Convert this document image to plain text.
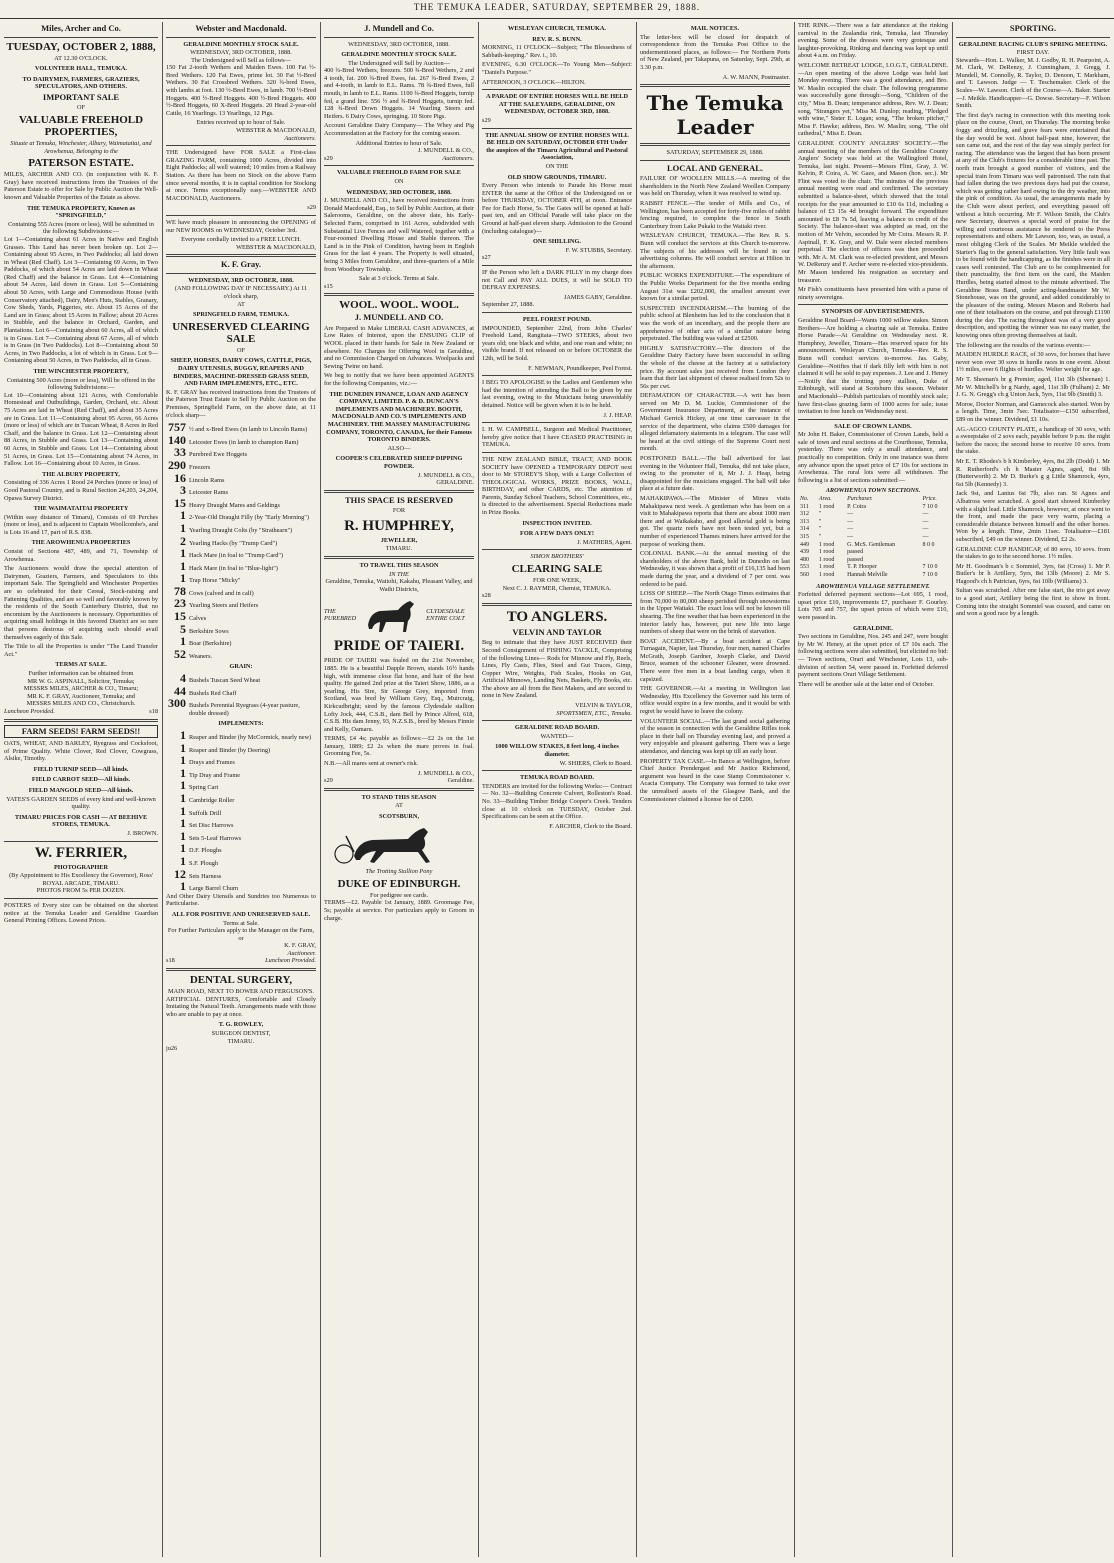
THE TEMUKA LEADER, SATURDAY, SEPTEMBER 29, 1888.
Miles, Archer and Co.
TUESDAY, OCTOBER 2, 1888,
AT 12.30 O'CLOCK.
VOLUNTEER HALL, TEMUKA.
TO DAIRYMEN, FARMERS, GRAZIERS, SPECULATORS, AND OTHERS.
IMPORTANT SALE
OF
VALUABLE FREEHOLD PROPERTIES,
Situate at Temuka, Winchester, Albury, Waimataitai, and Arowhenua, Belonging to the
PATERSON ESTATE.

MILES, ARCHER AND CO. (in conjunction with K. F. Gray) have received instructions from the Trustees of the Paterson Estate to offer for Sale by Public Auction the Well-known and Valuable Properties of the Estate as above.

THE TEMUKA PROPERTY, Known as "SPRINGFIELD,"
Containing 555 Acres (more or less), Will be submitted in the following Subdivisions:—

Lot 1—Containing about 61 Acres in Native and English Grasses. This Land has never been broken up. Lot 2—Containing about 95 Acres, in Two Paddocks; all laid down in Wheat (Red Chaff). Lot 3—Containing 69 Acres, in Two Paddocks, of which about 54 Acres are laid down in Wheat (Red Chaff) and the balance in Grass. Lot 4—Containing about 54 Acres, laid down in Grass. Lot 5—Containing about 50 Acres, with Large and Commodious House (with Conservatory attached), Dairy, Men's Huts, Stables, Granary, Cow Sheds, Yards, Piggeries, etc. About 15 Acres of the Land are in Grass; about 15 Acres in Fallow; about 20 Acres in Stubble, and the balance in Orchard, Garden, and Plantations. Lot 6—Containing about 60 Acres, all of which is in Grass. Lot 7—Containing about 67 Acres, all of which is in Grass (in Two Paddocks). Lot 8—Containing about 50 Acres, in Two Paddocks, a lot of which is in Grass. Lot 9—Containing about 50 Acres, in Two Paddocks, all in Grass.

THE WINCHESTER PROPERTY,
Containing 500 Acres (more or less), Will be offered in the following Subdivisions:—

Lot 10—Containing about 121 Acres, with Comfortable Homestead and Outbuildings, Garden, Orchard, etc. About 75 Acres are laid in Wheat (Red Chaff), and about 35 Acres are in Grass. Lot 11—Containing about 95 Acres, 66 Acres (more or less) of which are in Tuscan Wheat, 8 Acres in Red Chaff, and the balance in Grass. Lot 12—Containing about 88 Acres, in Stubble and Grass. Lot 13—Containing about 60 Acres, in Stubble and Grass. Lot 14—Containing about 51 Acres, in Grass. Lot 15—Containing about 74 Acres, in Fallow. Lot 16—Containing about 10 Acres, in Grass.

THE ALBURY PROPERTY,

Consisting of 336 Acres 1 Rood 24 Perches (more or less) of Good Pastoral Country, and is Rural Section 24,203, 24,204, Opawa Survey District.

THE WAIMATAITAI PROPERTY

(Within easy distance of Timaru), Consists of 69 Perches (more or less), and is adjacent to Captain Woollcombe's, and is Lots 16 and 17, part of R.S. 838.

THE AROWHENUA PROPERTIES

Consist of Sections 487, 489, and 71, Township of Arowhenua.

The Auctioneers would draw the special attention of Dairymen, Graziers, Farmers, and Speculators to this important Sale. The Springfield and Winchester Properties are so celebrated for their Cereal, Stock-raising and Fattening Qualities, and are so well and favorably known by the residents of the South Canterbury District, that no encomium by the Auctioneers is necessary. Opportunities of acquiring small holdings in this favored District are so rare that persons desirous of acquiring such should avail themselves eagerly of this Sale.

The Title to all the Properties is under "The Land Transfer Act."

TERMS AT SALE.
Further information can be obtained from
MR W. G. ASPINALL, Solicitor, Temuka;
MESSRS MILES, ARCHER & CO., Timaru;
MR K. F. GRAY, Auctioneer, Temuka; and
MESSRS MILES AND CO., Christchurch.
Luncheon Provided.	s18
FARM SEEDS! FARM SEEDS!!

OATS, WHEAT, AND BARLEY, Ryegrass and Cocksfoot, of Prime Quality. White Clover, Red Clover, Cowgrass, Alsike, Timothy.

FIELD TURNIP SEED—All kinds.
FIELD CARROT SEED—All kinds.
FIELD MANGOLD SEED—All kinds.
YATES'S GARDEN SEEDS of every kind and well-known quality.
TIMARU PRICES FOR CASH — AT BEEHIVE STORES, TEMUKA.
J. BROWN.
W. FERRIER,
PHOTOGRAPHER
(By Appointment to His Excellency the Governor), Ross' ROYAL ARCADE, TIMARU.
PHOTOS FROM 5s PER DOZEN.

POSTERS of Every size can be obtained on the shortest notice at the Temuka Leader and Geraldine Guardian General Printing Offices. Lowest Prices.

Webster and Macdonald.
GERALDINE MONTHLY STOCK SALE.
WEDNESDAY, 3RD OCTOBER, 1888.
The Undersigned will Sell as follows—

150 Fat 2-tooth Wethers and Maiden Ewes. 100 Fat ½-Bred Wethers. 120 Fat Ewes, prime lot. 30 Fat ½-Bred Wethers. 30 Fat Crossbred Wethers. 320 ¾-bred Ewes, with lambs at foot. 130 ½-Bred Ewes, in lamb. 700 ½-Bred Hoggets. 400 ½-Bred Hoggets. 400 ½-Bred Hoggets. 400 ½-Bred Hoggets, 60 X-Bred Hoggets. 20 Head 2-year-old Cattle, 16 Yearlings. 13 Yearlings, 12 Pigs.

Entries received up to hour of Sale.
WEBSTER & MACDONALD,
Auctioneers.

THE Undersigned have FOR SALE a First-class GRAZING FARM, containing 1000 Acres, divided into Eight Paddocks; all well watered; 10 miles from a Railway Station. As there has been no Stock on the above Farm since several months, it is in capital condition for Stocking at once. Terms exceptionally easy.—WEBSTER AND MACDONALD, Auctioneers.

s29

WE have much pleasure in announcing the OPENING of our NEW ROOMS on WEDNESDAY, October 3rd.

Everyone cordially invited to a FREE LUNCH.
WEBSTER & MACDONALD,
K. F. Gray.
WEDNESDAY, 3RD OCTOBER, 1888.
(AND FOLLOWING DAY IF NECESSARY.) At 11 o'clock sharp,
AT
SPRINGFIELD FARM, TEMUKA.
UNRESERVED CLEARING SALE
OF
SHEEP, HORSES, DAIRY COWS, CATTLE, PIGS, DAIRY UTENSILS, BUGGY, REAPERS AND BINDERS, MACHINE-DRESSED GRASS SEED, AND FARM IMPLEMENTS, ETC., ETC.

K. F. GRAY has received instructions from the Trustees of the Paterson Trust Estate to Sell by Public Auction on the Premises, Springfield Farm, on the above date, at 11 o'clock sharp—

757 ½ and x-Bred Ewes (in lamb to Lincoln Rams)
140 Leicester Ewes (in lamb to champion Ram)
33 Purebred Ewe Hoggets
290 Freezers
16 Lincoln Rams
3 Leicester Rams
15 Heavy Draught Mares and Geldings
1 2-Year-Old Draught Filly (by "Early Morning")
1 Yearling Draught Colts (by "Strathearn")
2 Yearling Hacks (by "Trump Card")
1 Hack Mare (in foal to "Trump Card")
1 Hack Mare (in foal to "Blue-light")
1 Trap Horse "Micky"
78 Cows (calved and in calf)
23 Yearling Steers and Heifers
15 Calves
5 Berkshire Sows
1 Boar (Berkshire)
52 Weaners.
GRAIN:
4 Bushels Tuscan Seed Wheat
44 Bushels Red Chaff
300 Bushels Perennial Ryegrass (4-year pasture, double dressed)
IMPLEMENTS:
1 Reaper and Binder (by McCormick, nearly new)
1 Reaper and Binder (by Deering)
1 Drays and Frames
1 Tip Dray and Frame
1 Spring Cart
1 Cambridge Roller
1 Suffolk Drill
1 Set Disc Harrows
1 Sets 5-Leaf Harrows
1 D.F. Ploughs
1 S.F. Plough
12 Sets Harness
1 Large Barrel Churn

And Other Dairy Utensils and Sundries too Numerous to Particularise.

ALL FOR POSITIVE AND UNRESERVED SALE.
Terms at Sale.
For Further Particulars apply to the Manager on the Farm, or
K. F. GRAY,
Auctioneer.
s18	Luncheon Provided.
DENTAL SURGERY,
MAIN ROAD, NEXT TO BOWER AND FERGUSON'S.

ARTIFICIAL DENTURES, Comfortable and Closely Imitating the Natural Teeth. Arrangements made with those who are unable to pay at once.

T. G. ROWLEY,
SURGEON DENTIST,
TIMARU.
ju26
J. Mundell and Co.
WEDNESDAY, 3RD OCTOBER, 1888.
GERALDINE MONTHLY STOCK SALE.
The Undersigned will Sell by Auction—

400 ¾-Bred Wethers, freezers. 500 ¾-Bred Wethers, 2 and 4 tooth, fat. 200 ¾-Bred Ewes, fat. 267 ¾-Bred Ewes, 2 and 4-tooth, in lamb to E.L. Rams. 78 ¾-Bred Ewes, full mouth, in lamb to E.L. Rams. 1100 ¾-Bred Hoggets, turnip fed, a grand line. 556 ½ and ¾-Bred Hoggets, turnip fed. 128 ¾-Bred Down Hoggets. 14 Yearling Steers and Heifers. 6 Dairy Cows, springing. 10 Store Pigs.

Account Geraldine Dairy Company— The Whey and Pig Accommodation at the Factory for the coming season.

Additional Entries to hour of Sale.
J. MUNDELL & CO.,
s29	Auctioneers.
VALUABLE FREEHOLD FARM FOR SALE
ON
WEDNESDAY, 3RD OCTOBER, 1888.

J. MUNDELL AND CO., have received instructions from Donald Macdonald, Esq., to Sell by Public Auction, at their Salerooms, Geraldine, on the above date, his Early-Selected Farm, comprised in 161 Acres, subdivided with Substantial Live Fences and well Watered, together with a Four-roomed Dwelling House and Stable thereon. The Land is in the Pink of Condition, having been in English Grass for the last 4 years. The Property is well situated, being 3 Miles from Geraldine, and three-quarters of a Mile from Woodbury Township.

Sale at 3 o'clock. Terms at Sale.
s15
WOOL. WOOL. WOOL.
J. MUNDELL AND CO.

Are Prepared to Make LIBERAL CASH ADVANCES, at Low Rates of Interest, upon the ENSUING CLIP of WOOL placed in their hands for Sale in New Zealand or elsewhere. No Charges for Offering Wool in Geraldine, and no Commission Charged on Advances. Woolpacks and Sewing Twine on hand.

We beg to notify that we have been appointed AGENTS for the following Companies, viz.:—

THE DUNEDIN FINANCE, LOAN AND AGENCY COMPANY, LIMITED. P. & D. DUNCAN'S IMPLEMENTS AND MACHINERY. BOOTH, MACDONALD AND CO.'S IMPLEMENTS AND MACHINERY. THE MASSEY MANUFACTURING COMPANY, TORONTO, CANADA, for their Famous TORONTO BINDERS.
ALSO—
COOPER'S CELEBRATED SHEEP DIPPING POWDER.
J. MUNDELL & CO.,
GERALDINE.
THIS SPACE IS RESERVED
FOR
R. HUMPHREY,
JEWELLER,
TIMARU.
TO TRAVEL THIS SEASON
IN THE
Geraldine, Temuka, Waitohi, Kakahu, Pleasant Valley, and Waihi Districts,
THE PUREBRED
CLYDESDALE ENTIRE COLT
PRIDE OF TAIERI.

PRIDE OF TAIERI was foaled on the 21st November, 1885. He is a beautiful Dapple Brown, stands 16½ hands high, with immense close flat bone, and hair of the best quality. He gained 2nd prize at the Taieri Show, 1886, as a yearling. His Sire, Sir George Grey, imported from Scotland, was bred by William Grey, Esq., Muircraig, Kirkcudbright; sired by the famous Clydesdale stallion Lofty Jock, 444, C.S.B., dam Bell by Prince Alfred, 618, C.S.B. His dam Jenny, 93, N.Z.S.B., bred by Messrs Finnie and Kelly, Oamaru.

TERMS, £4 4s; payable as follows:—£2 2s on the 1st January, 1889; £2 2s when the mare proves in foal. Grooming Fee, 5s.

N.B.—All mares sent at owner's risk.

J. MUNDELL & CO.,
s29	Geraldine.
TO STAND THIS SEASON
AT
SCOTSBURN,
The Trotting Stallion Pony
DUKE OF EDINBURGH.
For pedigree see cards.

TERMS—£2. Payable 1st January, 1889. Groomage Fee, 5s; payable at service. For particulars apply to Groom in charge.

WESLEYAN CHURCH, TEMUKA.
REV. R. S. BUNN.

MORNING, 11 O'CLOCK—Subject; "The Blessedness of Sabbath-keeping." Rev. i., 10.

EVENING, 6.30 O'CLOCK—To Young Men—Subject: "Daniel's Purpose."

AFTERNOON, 3 O'CLOCK—HILTON.

A PARADE OF ENTIRE HORSES WILL BE HELD AT THE SALEYARDS, GERALDINE, ON WEDNESDAY, OCTOBER 3RD, 1888.
s29
THE ANNUAL SHOW OF ENTIRE HORSES WILL BE HELD ON SATURDAY, OCTOBER 6TH Under the auspices of the Timaru Agricultural and Pastoral Association,
ON THE
OLD SHOW GROUNDS, TIMARU.

Every Person who intends to Parade his Horse must ENTER the same at the Office of the Undersigned on or before THURSDAY, OCTOBER 4TH, at noon. Entrance Fee for Each Horse, 5s. The Gates will be opened at half-past ten, and an Official Parade will take place on the Ground at half-past eleven sharp. Admission to the Ground (including catalogue)—

ONE SHILLING.
F. W. STUBBS, Secretary.
s27

IF the Person who left a DARK FILLY in my charge does not Call and PAY ALL DUES, it will be SOLD TO DEFRAY EXPENSES.

JAMES GABY, Geraldine.
September 27, 1888.
PEEL FOREST POUND.

IMPOUNDED, September 22nd, from John Charles' Freehold Land, Rangitata—TWO STEERS, about two years old; one black and white, and one roan and white; no visible brand. If not released on or before OCTOBER the 12th, will be Sold.

F. NEWMAN, Poundkeeper, Peel Forest.

I BEG TO APOLOGISE to the Ladies and Gentlemen who had the intention of attending the Ball to be given by me last evening, owing to the Musicians being unavoidably detained. Notice will be given when it is to be held.

J. J. HEAP.

I. H. W. CAMPBELL, Surgeon and Medical Practitioner, hereby give notice that I have CEASED PRACTISING in TEMUKA.

THE NEW ZEALAND BIBLE, TRACT, AND BOOK SOCIETY have OPENED a TEMPORARY DEPOT next door to Mr STOREY'S Shop, with a Large Collection of THEOLOGICAL WORKS, PRIZE BOOKS, WALL, BIRTHDAY, and other CARDS, etc. The attention of Parents, Sunday School Teachers, School Committees, etc., is directed to the advertisement. Special Reductions made in Prize Books.

INSPECTION INVITED.
FOR A FEW DAYS ONLY!
J. MATHERS, Agent.
SIMON BROTHERS'
CLEARING SALE
FOR ONE WEEK,
Next C. J. RAYMER, Chemist, TEMUKA.
s28
TO ANGLERS.
VELVIN AND TAYLOR

Beg to intimate that they have JUST RECEIVED their Second Consignment of FISHING TACKLE, Comprising of the following Lines— Rods for Minnow and Fly, Reels, Lines, Fly Casts, Flies, Steel and Gut Traces, Gimp, Copper Wire, Weights, Fish Scales, Hooks on Gut, Artificial Minnows, Landing Nets, Baskets, Fly Books, etc. The above are all from the Best Makers, and are second to none in New Zealand.

VELVIN & TAYLOR,
SPORTSMEN, ETC., Temuka.
GERALDINE ROAD BOARD.
WANTED—
1000 WILLOW STAKES, 8 feet long, 4 inches diameter.
W. SHIERS, Clerk to Board.
TEMUKA ROAD BOARD.

TENDERS are invited for the following Works:— Contract— No. 32—Building Concrete Culvert, Rolleston's Road. No. 33—Building Timber Bridge Cooper's Creek. Tenders close at 10 o'clock on TUESDAY, October 2nd. Specifications can be seen at the Office.

F. ARCHER, Clerk to the Board.
MAIL NOTICES.

The letter-box will be closed for despatch of correspondence from the Temuka Post Office to the undermentioned places, as follows:— For Northern Ports of New Zealand, per Takapuna, on Saturday, Sept. 29th, at 3.30 p.m.

A. W. MANN, Postmaster.
The Temuka Leader
SATURDAY, SEPTEMBER 29, 1888.
LOCAL AND GENERAL.

FAILURE OF WOOLLEN MILLS.—A meeting of the shareholders in the North New Zealand Woollen Company was held on Thursday, when it was resolved to wind up.

RABBIT FENCE.—The tender of Mills and Co., of Wellington, has been accepted for forty-five miles of rabbit fencing required, to complete the fence in South Canterbury from Lake Pukaki to the Waitaki river.

WESLEYAN CHURCH, TEMUKA.—The Rev. R. S. Bunn will conduct the services at this Church to-morrow. The subjects of his addresses will be found in our advertising columns. He will conduct service at Hilton in the afternoon.

PUBLIC WORKS EXPENDITURE.—The expenditure of the Public Works Department for the five months ending August 31st was £202,000, the smallest amount ever known for a similar period.

SUSPECTED INCENDIARISM.—The burning of the public school at Blenheim has led to the conclusion that it was the work of an incendiary, and the people there are apprehensive of other acts of a similar nature being perpetrated. The building was valued at £2500.

HIGHLY SATISFACTORY.—The directors of the Geraldine Dairy Factory have been successful in selling the whole of the cheese at the factory at a satisfactory price. By account sales just received from London they learn that their last shipment of cheese realised from 52s to 56s per cwt.

DEFAMATION OF CHARACTER.—A writ has been served on Mr D. M. Luckie, Commissioner of the Government Insurance Department, at the instance of Michael Gerrick Hickey, at one time canvasser in the service of the department, who claims £500 damages for alleged defamatory statements in a telegram. The case will be heard at the civil sittings of the Supreme Court next month.

POSTPONED BALL.—The ball advertised for last evening in the Volunteer Hall, Temuka, did not take place, owing to the promoter of it, Mr J. J. Heap, being disappointed for the musicians engaged. The ball will take place at a future date.

MAHAKIPAWA.—The Minister of Mines visits Mahakipawa next week. A gentleman who has been on a visit to Mahakipawa reports that there are about 1000 men there and at Waikakaho, and good alluvial gold is being got. The quartz reefs have not been tested yet, but a number of experienced Thames miners have arrived for the purpose of working them.

COLONIAL BANK.—At the annual meeting of the shareholders of the above Bank, held in Dunedin on last Wednesday, it was shown that a profit of £16,135 had been made during the year, and a dividend of 7 per cent. was ordered to be paid.

LOSS OF SHEEP.—The North Otago Times estimates that from 70,000 to 80,000 sheep perished through snowstorms in the Upper Waitaki. The exact loss will not be known till shearing. The fine weather that has been experienced in the interior lately has, however, put new life into large numbers of sheep that were on the brink of starvation.

BOAT ACCIDENT.—By a boat accident at Cape Turnagain, Napier, last Thursday, four men, named Charles McGrath, Joseph Gardner, Joseph Clarke, and David Bruce, seamen of the schooner Gleaner, were drowned. There were five men in a boat landing cargo, when it capsized.

THE GOVERNOR.—At a meeting in Wellington last Wednesday, His Excellency the Governor said his term of office would expire in a few months, and it would be with regret he would have to leave the colony.

VOLUNTEER SOCIAL.—The last grand social gathering of the season in connection with the Geraldine Rifles took place in their hall on Thursday evening last, and proved a very enjoyable and pleasant gathering. There was a large attendance, and dancing was kept up till an early hour.

PROPERTY TAX CASE.—In Banco at Wellington, before Chief Justice Prendergast and Mr Justice Richmond, argument was heard in the case Stamp Commissioner v. Acacia Company. The Company was formed to take over the unrealised assets of the Glasgow Bank, and the Commissioner claimed a license fee of £200.

THE RINK.—There was a fair attendance at the rinking carnival in the Zealandia rink, Temuka, last Thursday evening. Some of the dresses were very grotesque and laughter-provoking. Rinking and dancing was kept up until about 4 a.m. on Friday.

WELCOME RETREAT LODGE, I.O.G.T., GERALDINE.—An open meeting of the above Lodge was held last Monday evening. There was a good attendance, and Bro. W. Maslin occupied the chair. The following programme was successfully gone through:—Song, "Children of the city," Miss B. Dean; temperance address, Rev. W. J. Dean; song, "Strangers yet," Miss M. Dunlop; reading, "Pledged with wine," Sister E. Logan; song, "The broken pitcher," Miss F. Hawke; address, Bro. W. Maslin; song, "The old cathedral," Miss E. Dean.

GERALDINE COUNTY ANGLERS' SOCIETY.—The annual meeting of the members of the Geraldine County Anglers' Society was held at the Wallingford Hotel, Temuka, last night. Present—Messrs Flint, Gray, J. W. Kelvin, P. Coira, A. W. Gaze, and Mason (hon. sec.). Mr Flint was voted to the chair. The minutes of the previous annual meeting were read and confirmed. The secretary submitted a balance-sheet, which showed that the total receipts for the year amounted to £10 6s 11d, including a balance of £3 15s 4d brought forward. The expenditure amounted to £8 7s 5d, leaving a balance to credit of the Society. The balance-sheet was adopted as read, on the motion of Mr Velvin, seconded by Mr Coira. Messrs R. P. Aspinall, F. K. Gray, and W. Dale were elected members perpetual. The election of officers was then proceeded with. Mr A. M. Clark was re-elected president, and Messrs W. DeRenzy and F. Archer were re-elected vice-presidents. Mr Mason tendered his resignation as secretary and treasurer.

Mr Fish's constituents have presented him with a purse of ninety sovereigns.

SYNOPSIS OF ADVERTISEMENTS.

Geraldine Road Board—Wants 1000 willow stakes. Simon Brothers—Are holding a clearing sale at Temuka. Entire Horse Parade—At Geraldine on Wednesday next. R. Humphrey, Jeweller, Timaru—Has reserved space for his announcement. Wesleyan Church, Temuka—Rev. R. S. Bunn will conduct services to-morrow. Jas. Gaby, Geraldine—Notifies that if dark filly left with him is not claimed it will be sold to pay expenses. J. Lee and J. Heney—Notify that the trotting pony stallion, Duke of Edinburgh, will stand at Scotsburn this season. Webster and Macdonald—Publish particulars of monthly stock sale; have first-class grazing farm of 1000 acres for sale; issue invitation to free lunch on Wednesday next.

SALE OF CROWN LANDS.

Mr John H. Baker, Commissioner of Crown Lands, held a sale of town and rural sections at the Courthouse, Temuka, yesterday. There was only a small attendance, and practically no competition. Only in one instance was there any advance upon the upset price of £7 10s for sections in Arowhenua. The rural lots were all withdrawn. The following is a list of sections submitted:—

AROWHENUA TOWN SECTIONS.
No.	Area.	Purchaser.	Price.
311	1 rood	P. Coira	7 10 0
312	"	—	—
313	"	—	—
314	"	—	—
315	"	—	—
449	1 rood	G. McS. Gentleman	8 0 0
439	1 rood	passed	
480	1 rood	passed	
553	1 rood	T. P. Hooper	7 10 0
560	1 rood	Hannah Melville	7 10 0
AROWHENUA VILLAGE SETTLEMENT.

Forfeited deferred payment sections—Lot 695, 1 rood, upset price £10, improvements £7, purchaser F. Gourley. Lots 705 and 757, the upset prices of which were £10, were passed in.

GERALDINE.

Two sections in Geraldine, Nos. 245 and 247, were bought by Mr W. Heney, at the upset price of £7 10s each. The following sections were also submitted, but elicited no bid:— Town sections, Orari and Winchester, Lots 13, sub-division of section 54, were passed in. Forfeited deferred payment sections Orari Village Settlement.

There will be another sale at the latter end of October.

SPORTING.
GERALDINE RACING CLUB'S SPRING MEETING.
FIRST DAY.

Stewards—Hon. L. Walker, M. J. Godby, R. H. Pearpoint, A. M. Clark, W. DeRenzy, J. Cunningham, J. Gregg, J. Mundell, M. Connolly, R. Taylor, D. Denoon, T. Markham, and T. Lawson. Judge — T. Teschemaker. Clerk of the Scales—W. Lawson. Clerk of the Course—A. Baker. Starter—J. Meikle. Handicapper—G. Dowse. Secretary—F. Wilson Smith.

The first day's racing in connection with this meeting took place on the course, Orari, on Thursday. The morning broke foggy and drizzling, and grave fears were entertained that the day would be wet. About half-past nine, however, the sun came out, and the rest of the day was simply perfect for racing. The attendance was the largest that has been present at any of the Club's fixtures for a considerable time past. The north train brought a good number of visitors, and the special train from Timaru was well patronised. The rain that had fallen during the two previous days had put the course, which was getting rather hard owing to the dry weather, into the pink of condition. As usual, the arrangements made by the Club were about perfect, and everything passed off without a hitch occurring. Mr F. Wilson Smith, the Club's new Secretary, deserves a special word of praise for the willing and courteous assistance he rendered to the Press representatives and others. Mr Lawson, too, was, as usual, a most obliging Clerk of the Scales. Mr Meikle wielded the Starter's flag to the general satisfaction. Very little fault was to be found with the handicapping, as the finishes were in all cases well contested. The Club are to be complimented for their punctuality, the first item on the card, the Maiden Hurdles, being started almost to the minute advertised. The Geraldine Brass Band, under acting-bandmaster Mr W. Stonehouse, was on the ground, and added considerably to the pleasure of the outing. Messrs Mason and Roberts had one of their totalisators on the course, and put through £1190 during the day. The racing throughout was of a very good description, and spotting the winner was no easy matter, the knowing ones often proving themselves at fault.

The following are the results of the various events:—

MAIDEN HURDLE RACE, of 30 sovs, for horses that have never won over 30 sovs in hurdle races in one event. About 1½ miles, over 6 flights of hurdles. Welter weight for age.

Mr T. Sheenan's br g Premier, aged, 11st 3lb (Sheenan) 1. Mr W. Mitchell's br g Nardy, aged, 11st 3lb (Fulham) 2. Mr J. G. N. Gregg's ch g Union Jack, 5yrs, 11st 9lb (Smith) 3.

Moroe, Doctor Norman, and Gamecock also started. Won by a length. Time, 3min 7sec. Totalisator—£150 subscribed, £89 on the winner. Dividend, £1 10s.

AG.-AGCO COUNTY PLATE, a handicap of 30 sovs, with a sweepstake of 2 sovs each, payable before 9 p.m. the night before the races; the second horse to receive 10 sovs. from the stake.

Mr E. T. Rhodes's b h Kimberley, 4yrs, 8st 2lb (Dodd) 1. Mr R. Rutherford's ch h Master Agnes, aged, 8st 9lb (Butterworth) 2. Mr D. Burke's g g Little Shamrock, 4yrs, 6st 5lb (Kennedy) 3.

Jack 9st, and Lanius 6st 7lb, also ran. St Agnes and Albatross were scratched. A good start showed Kimberley with a slight lead. Little Shamrock, however, at once went to the front, and made the pace very warm, placing a considerable distance between himself and the other horses. Won by a length. Time, 2min 11sec. Totalisator—£181 subscribed, £49 on the winner. Dividend, £2 2s.

GERALDINE CUP HANDICAP, of 80 sovs, 10 sovs. from the stakes to go to the second horse. 1½ miles.

Mr H. Goodman's b c Sommiel, 3yrs, 6st (Cross) 1. Mr P. Butler's br h Artillery, 5yrs, 8st 13lb (Moore) 2. Mr S. Hagood's ch h Patrician, 6yrs, 6st 10lb (Williams) 3.

Sultan was scratched. After one false start, the trio got away to a good start, Artillery being the first to show in front. Coming into the straight Sommiel was coaxed, and came on and won a good race by a length.
